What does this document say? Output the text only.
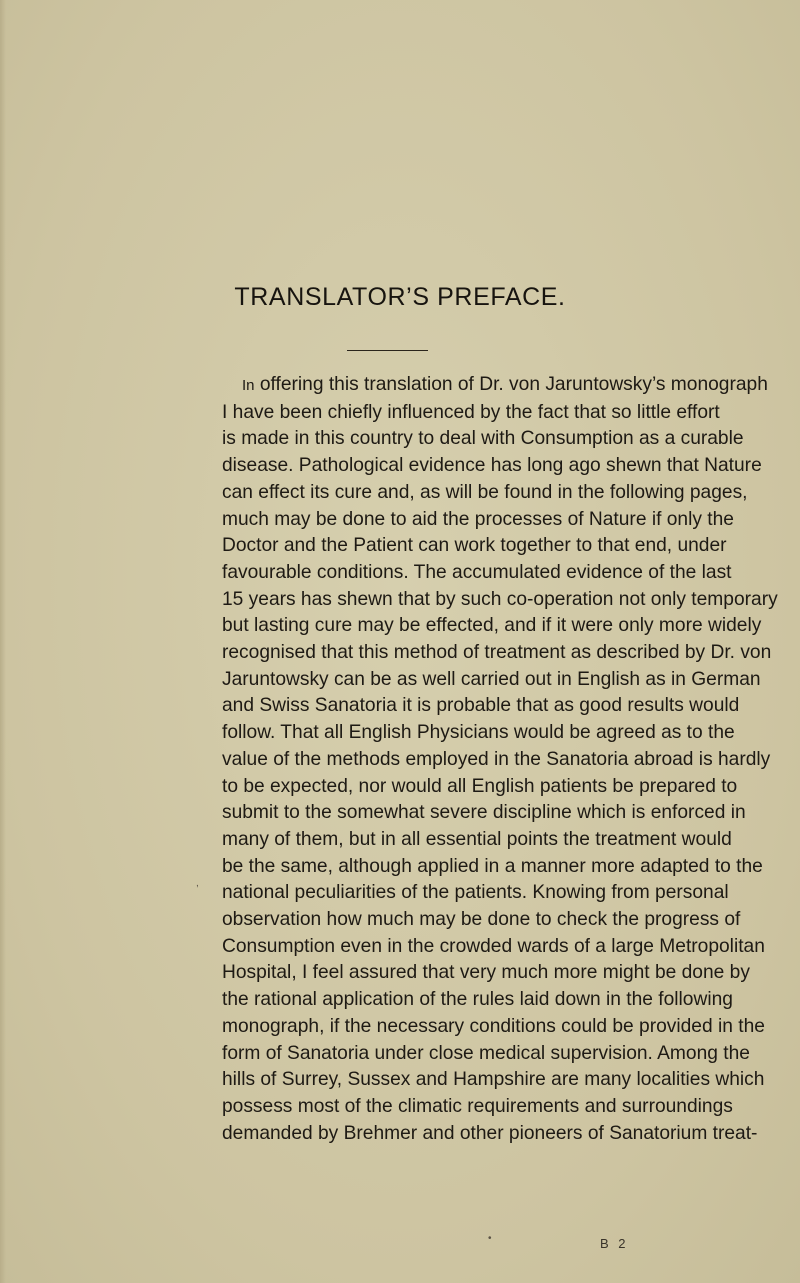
TRANSLATOR’S PREFACE.
In offering this translation of Dr. von Jaruntowsky’s monograph
I have been chiefly influenced by the fact that so little effort
is made in this country to deal with Consumption as a curable
disease. Pathological evidence has long ago shewn that Nature
can effect its cure and, as will be found in the following pages,
much may be done to aid the processes of Nature if only the
Doctor and the Patient can work together to that end, under
favourable conditions. The accumulated evidence of the last
15 years has shewn that by such co-operation not only temporary
but lasting cure may be effected, and if it were only more widely
recognised that this method of treatment as described by Dr. von
Jaruntowsky can be as well carried out in English as in German
and Swiss Sanatoria it is probable that as good results would
follow. That all English Physicians would be agreed as to the
value of the methods employed in the Sanatoria abroad is hardly
to be expected, nor would all English patients be prepared to
submit to the somewhat severe discipline which is enforced in
many of them, but in all essential points the treatment would
be the same, although applied in a manner more adapted to the
national peculiarities of the patients. Knowing from personal
observation how much may be done to check the progress of
Consumption even in the crowded wards of a large Metropolitan
Hospital, I feel assured that very much more might be done by
the rational application of the rules laid down in the following
monograph, if the necessary conditions could be provided in the
form of Sanatoria under close medical supervision. Among the
hills of Surrey, Sussex and Hampshire are many localities which
possess most of the climatic requirements and surroundings
demanded by Brehmer and other pioneers of Sanatorium treat-
B 2
,
•
